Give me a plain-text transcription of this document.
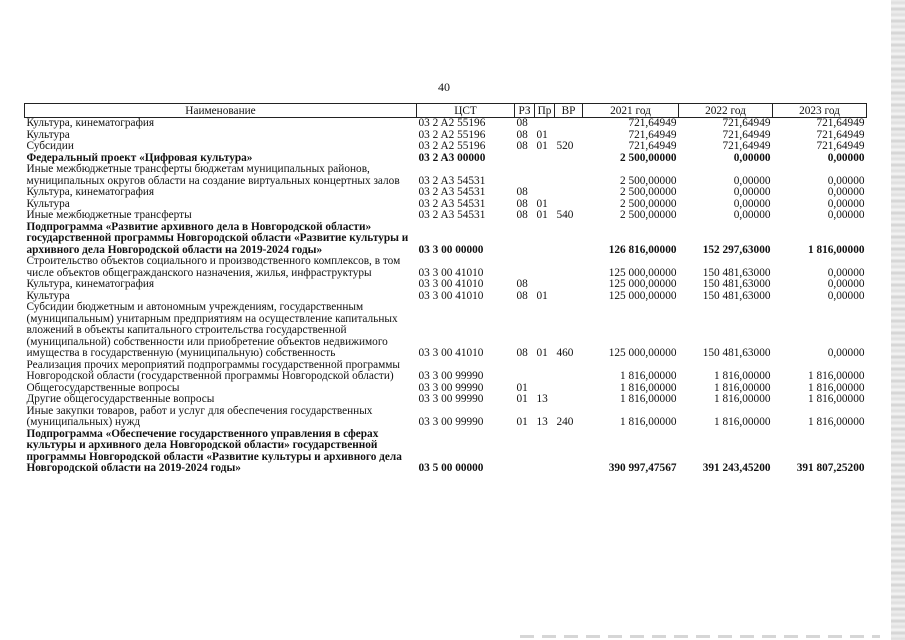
40
Наименование	ЦСТ	РЗ	Пр	ВР	2021 год	2022 год	2023 год
Культура, кинематография	03 2 A2 55196	08			721,64949	721,64949	721,64949
Культура	03 2 A2 55196	08	01		721,64949	721,64949	721,64949
Субсидии	03 2 A2 55196	08	01	520	721,64949	721,64949	721,64949
Федеральный проект «Цифровая культура»	03 2 A3 00000				2 500,00000	0,00000	0,00000
Иные межбюджетные трансферты бюджетам муниципальных районов, муниципальных округов области на создание виртуальных концертных залов	03 2 A3 54531				2 500,00000	0,00000	0,00000
Культура, кинематография	03 2 A3 54531	08			2 500,00000	0,00000	0,00000
Культура	03 2 A3 54531	08	01		2 500,00000	0,00000	0,00000
Иные межбюджетные трансферты	03 2 A3 54531	08	01	540	2 500,00000	0,00000	0,00000
Подпрограмма «Развитие архивного дела в Новгородской области» государственной программы Новгородской области «Развитие культуры и архивного дела Новгородской области на 2019-2024 годы»	03 3 00 00000				126 816,00000	152 297,63000	1 816,00000
Строительство объектов социального и производственного комплексов, в том числе объектов общегражданского назначения, жилья, инфраструктуры	03 3 00 41010				125 000,00000	150 481,63000	0,00000
Культура, кинематография	03 3 00 41010	08			125 000,00000	150 481,63000	0,00000
Культура	03 3 00 41010	08	01		125 000,00000	150 481,63000	0,00000
Субсидии бюджетным и автономным учреждениям, государственным (муниципальным) унитарным предприятиям на осуществление капитальных вложений в объекты капитального строительства государственной (муниципальной) собственности или приобретение объектов недвижимого имущества в государственную (муниципальную) собственность	03 3 00 41010	08	01	460	125 000,00000	150 481,63000	0,00000
Реализация прочих мероприятий подпрограммы государственной программы Новгородской области (государственной программы Новгородской области)	03 3 00 99990				1 816,00000	1 816,00000	1 816,00000
Общегосударственные вопросы	03 3 00 99990	01			1 816,00000	1 816,00000	1 816,00000
Другие общегосударственные вопросы	03 3 00 99990	01	13		1 816,00000	1 816,00000	1 816,00000
Иные закупки товаров, работ и услуг для обеспечения государственных (муниципальных) нужд	03 3 00 99990	01	13	240	1 816,00000	1 816,00000	1 816,00000
Подпрограмма «Обеспечение государственного управления в сферах культуры и архивного дела Новгородской области» государственной программы Новгородской области «Развитие культуры и архивного дела Новгородской области на 2019-2024 годы»	03 5 00 00000				390 997,47567	391 243,45200	391 807,25200
